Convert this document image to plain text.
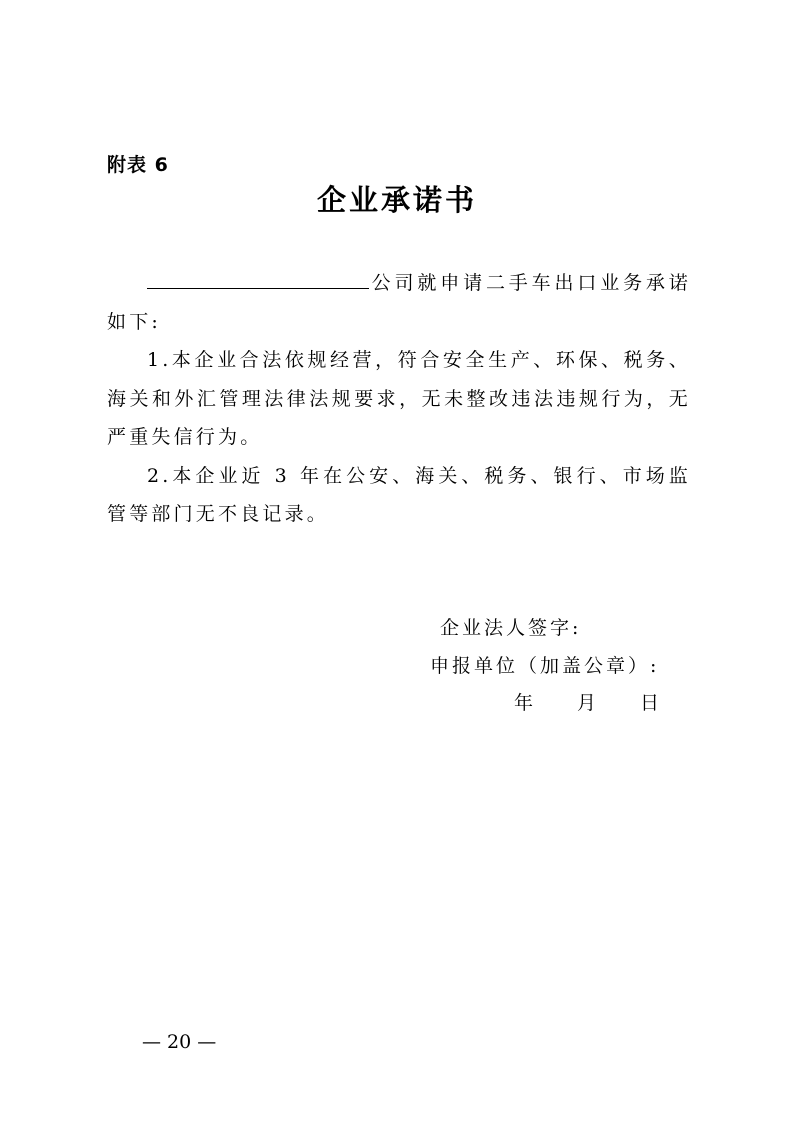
附表 6
企业承诺书

公司就申请二手车出口业务承诺如下:

1.本企业合法依规经营，符合安全生产、环保、税务、海关和外汇管理法律法规要求，无未整改违法违规行为，无严重失信行为。

2.本企业近 3 年在公安、海关、税务、银行、市场监管等部门无不良记录。

企业法人签字:
申报单位（加盖公章）:
年 月 日
— 20 —
